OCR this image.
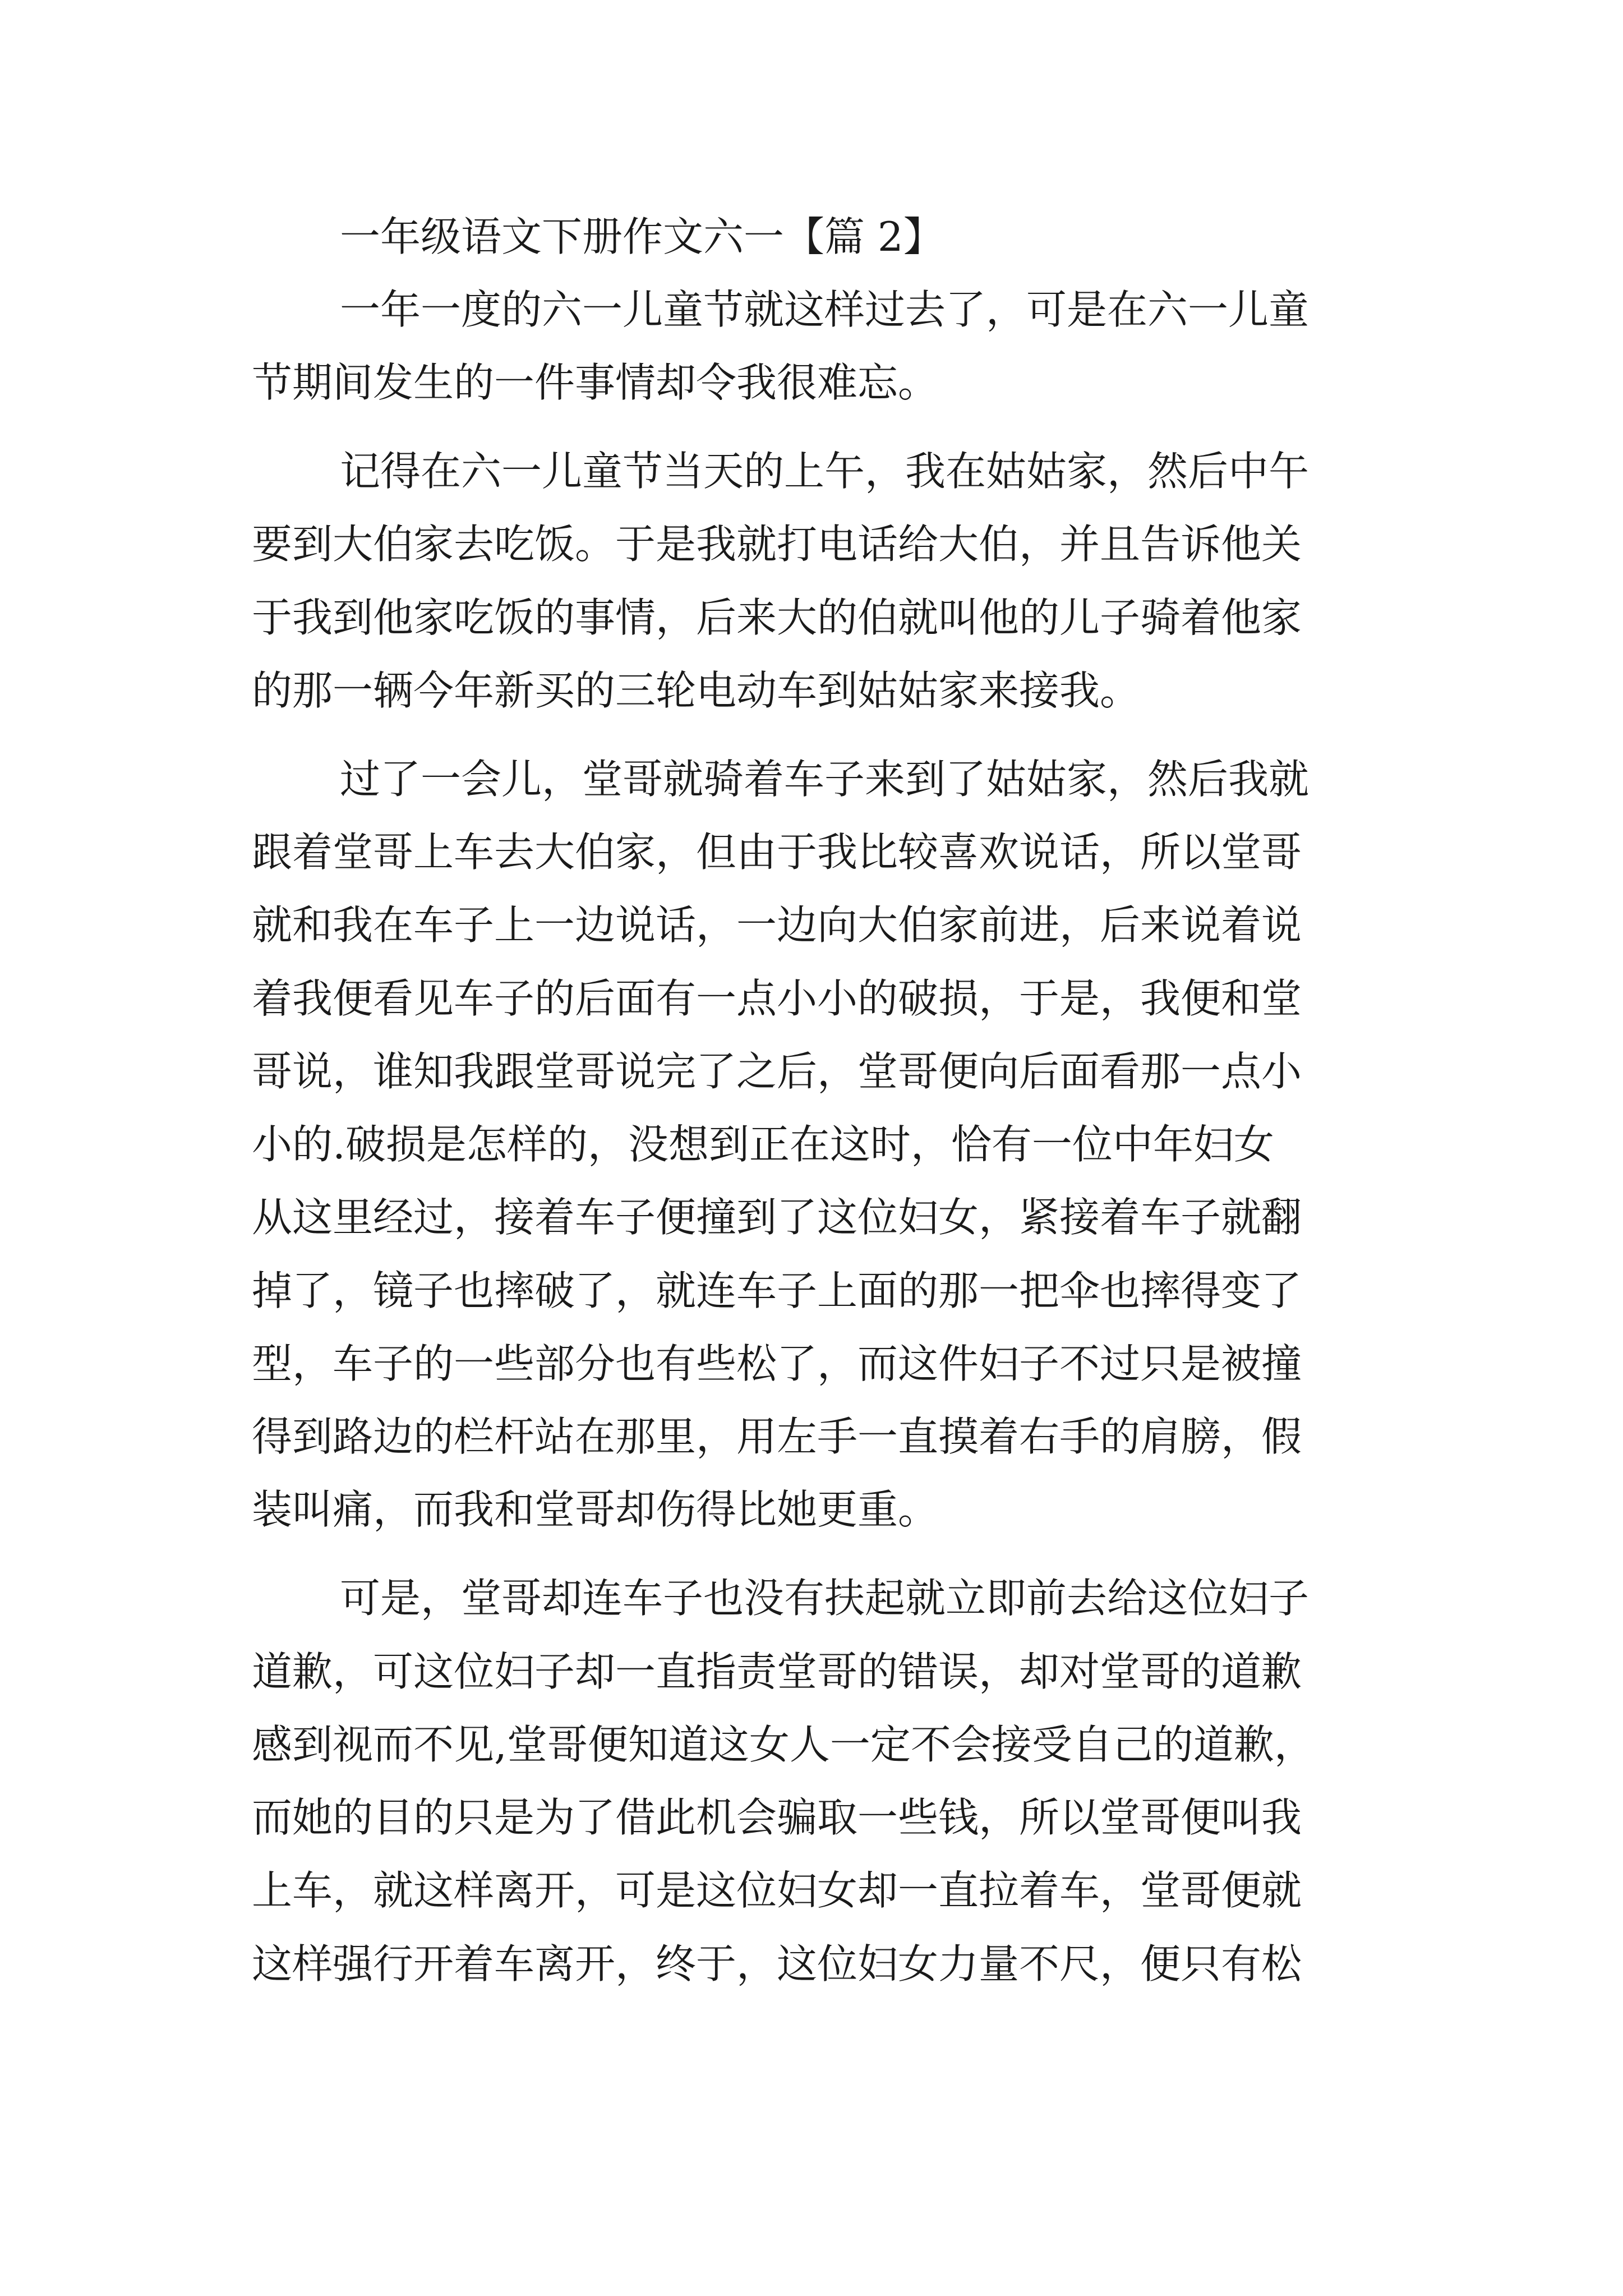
一年级语文下册作文六一【篇 2】

一年一度的六一儿童节就这样过去了，可是在六一儿童

节期间发生的一件事情却令我很难忘。

记得在六一儿童节当天的上午，我在姑姑家，然后中午

要到大伯家去吃饭。于是我就打电话给大伯，并且告诉他关

于我到他家吃饭的事情，后来大的伯就叫他的儿子骑着他家

的那一辆今年新买的三轮电动车到姑姑家来接我。

过了一会儿，堂哥就骑着车子来到了姑姑家，然后我就

跟着堂哥上车去大伯家，但由于我比较喜欢说话，所以堂哥

就和我在车子上一边说话，一边向大伯家前进，后来说着说

着我便看见车子的后面有一点小小的破损，于是，我便和堂

哥说，谁知我跟堂哥说完了之后，堂哥便向后面看那一点小

小的.破损是怎样的，没想到正在这时，恰有一位中年妇女

从这里经过，接着车子便撞到了这位妇女，紧接着车子就翻

掉了，镜子也摔破了，就连车子上面的那一把伞也摔得变了

型，车子的一些部分也有些松了，而这件妇子不过只是被撞

得到路边的栏杆站在那里，用左手一直摸着右手的肩膀，假

装叫痛，而我和堂哥却伤得比她更重。

可是，堂哥却连车子也没有扶起就立即前去给这位妇子

道歉，可这位妇子却一直指责堂哥的错误，却对堂哥的道歉

感到视而不见,堂哥便知道这女人一定不会接受自己的道歉，

而她的目的只是为了借此机会骗取一些钱，所以堂哥便叫我

上车，就这样离开，可是这位妇女却一直拉着车，堂哥便就

这样强行开着车离开，终于，这位妇女力量不尺，便只有松
